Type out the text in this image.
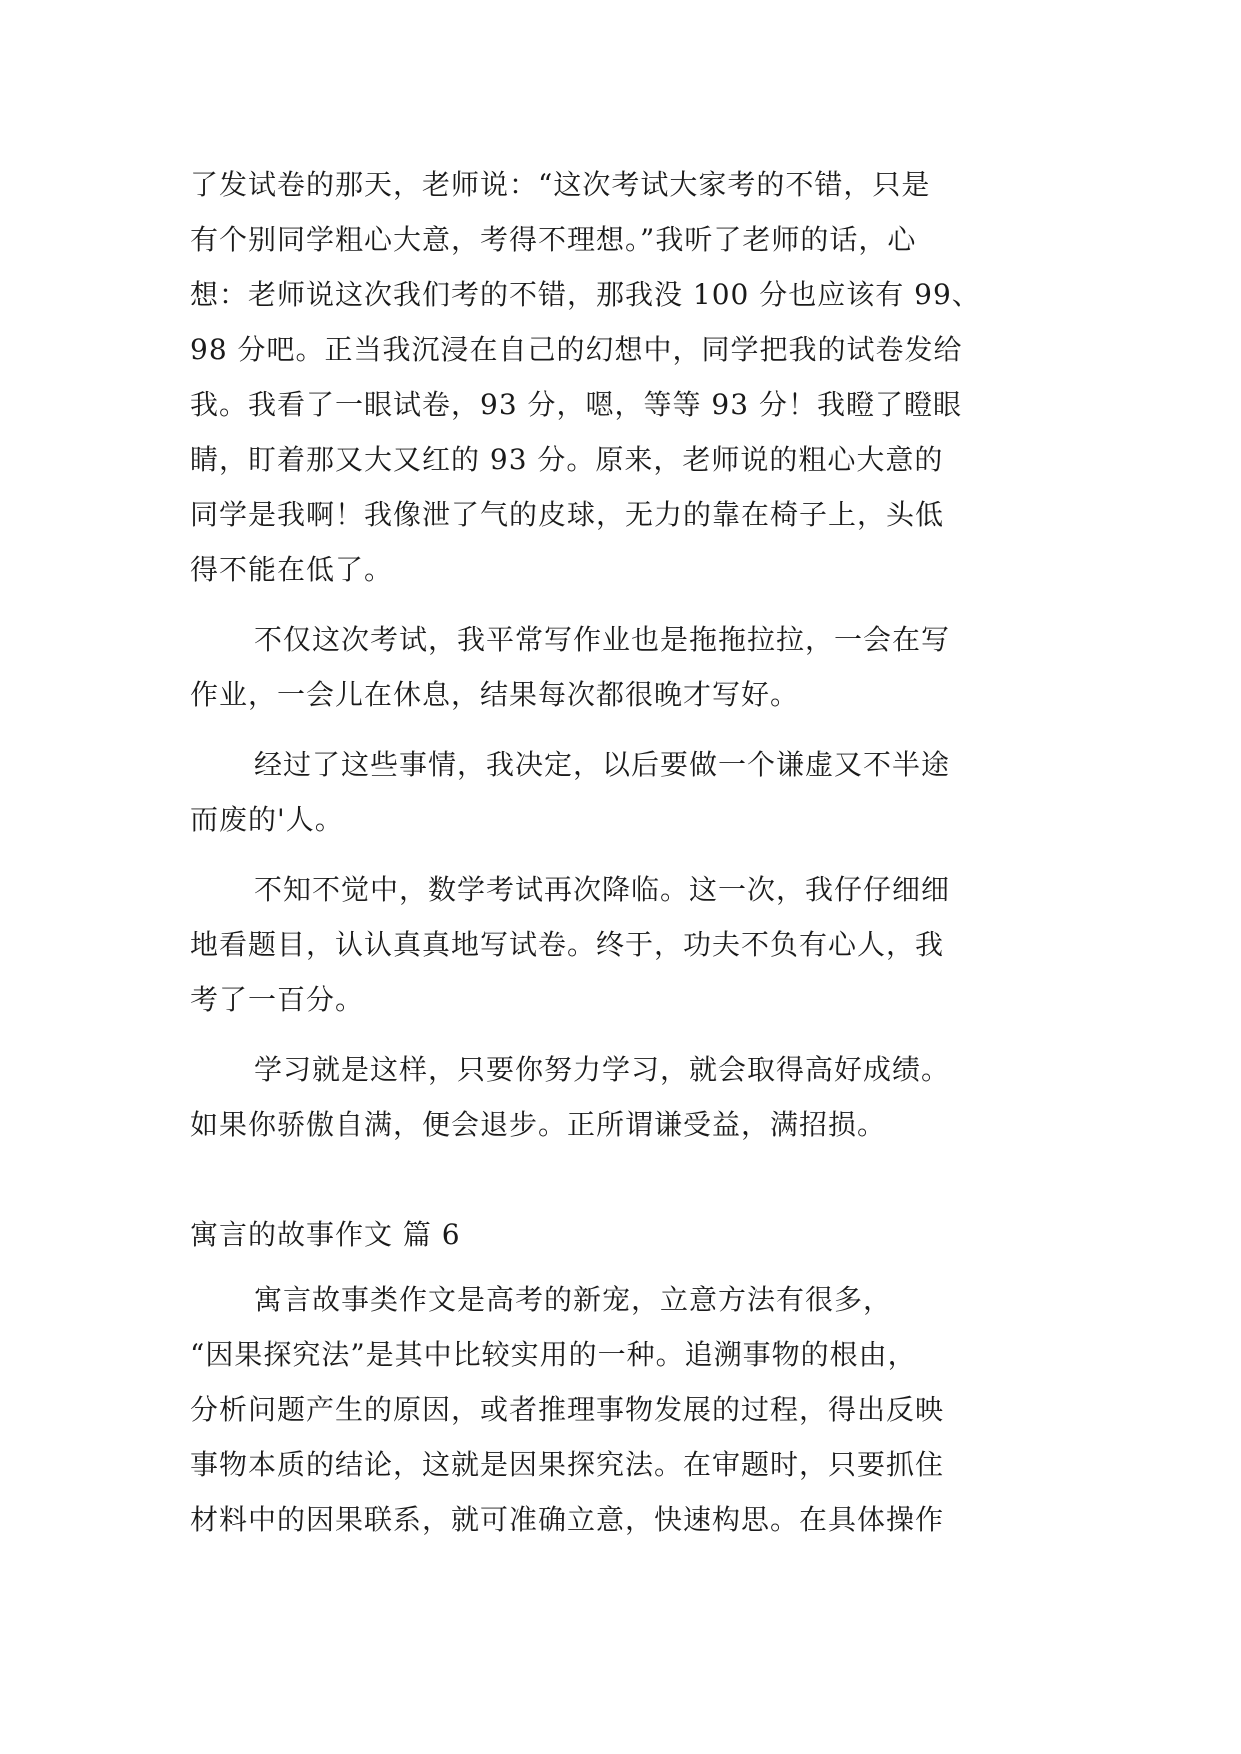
了发试卷的那天，老师说：“这次考试大家考的不错，只是
有个别同学粗心大意，考得不理想。”我听了老师的话，心
想：老师说这次我们考的不错，那我没 100 分也应该有 99、
98 分吧。正当我沉浸在自己的幻想中，同学把我的试卷发给
我。我看了一眼试卷，93 分，嗯，等等 93 分！我瞪了瞪眼
睛，盯着那又大又红的 93 分。原来，老师说的粗心大意的
同学是我啊！我像泄了气的皮球，无力的靠在椅子上，头低
得不能在低了。
不仅这次考试，我平常写作业也是拖拖拉拉，一会在写
作业，一会儿在休息，结果每次都很晚才写好。
经过了这些事情，我决定，以后要做一个谦虚又不半途
而废的'人。
不知不觉中，数学考试再次降临。这一次，我仔仔细细
地看题目，认认真真地写试卷。终于，功夫不负有心人，我
考了一百分。
学习就是这样，只要你努力学习，就会取得高好成绩。
如果你骄傲自满，便会退步。正所谓谦受益，满招损。
寓言的故事作文 篇 6
寓言故事类作文是高考的新宠，立意方法有很多，
“因果探究法”是其中比较实用的一种。追溯事物的根由，
分析问题产生的原因，或者推理事物发展的过程，得出反映
事物本质的结论，这就是因果探究法。在审题时，只要抓住
材料中的因果联系，就可准确立意，快速构思。在具体操作
